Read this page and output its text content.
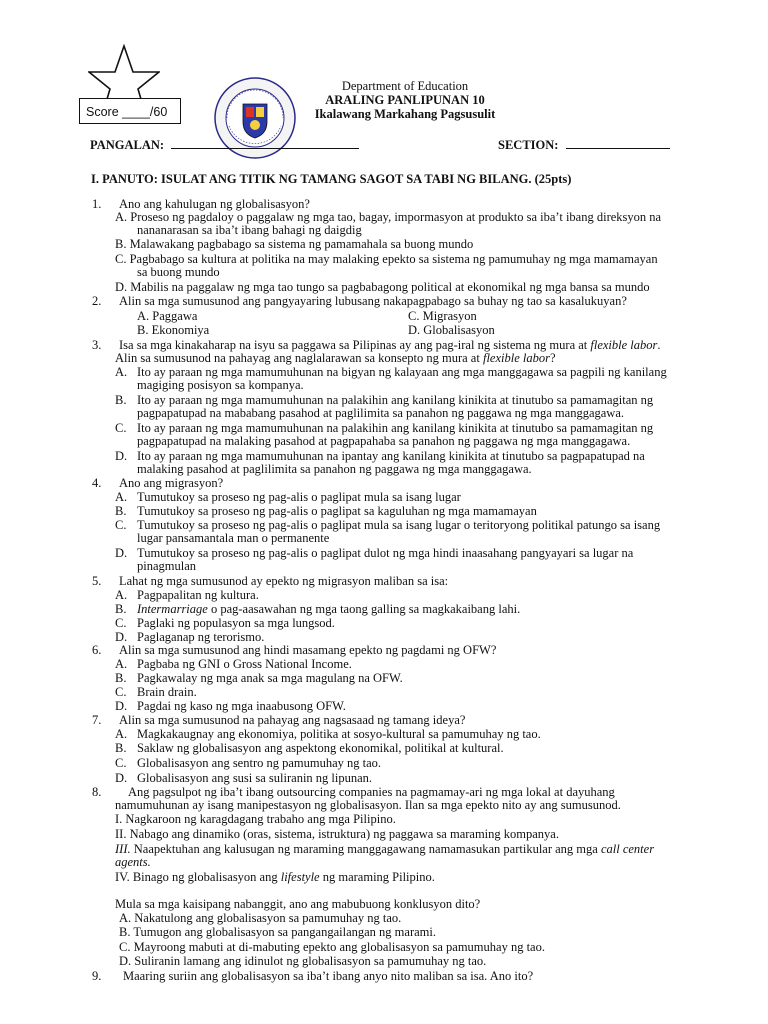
Score ____/60
Department of Education
ARALING PANLIPUNAN 10
Ikalawang Markahang Pagsusulit
PANGALAN:	SECTION:
I. PANUTO: ISULAT ANG TITIK NG TAMANG SAGOT SA TABI NG BILANG. (25pts)
1. Ano ang kahulugan ng globalisasyon?
A. Proseso ng pagdaloy o paggalaw ng mga tao, bagay, impormasyon at produkto sa iba’t ibang direksyon na
nananarasan sa iba’t ibang bahagi ng daigdig
B. Malawakang pagbabago sa sistema ng pamamahala sa buong mundo
C. Pagbabago sa kultura at politika na may malaking epekto sa sistema ng pamumuhay ng mga mamamayan
sa buong mundo
D. Mabilis na paggalaw ng mga tao tungo sa pagbabagong political at ekonomikal ng mga bansa sa mundo
2. Alin sa mga sumusunod ang pangyayaring lubusang nakapagpabago sa buhay ng tao sa kasalukuyan?
A. Paggawa	C. Migrasyon
B. Ekonomiya	D. Globalisasyon
3. Isa sa mga kinakaharap na isyu sa paggawa sa Pilipinas ay ang pag-iral ng sistema ng mura at flexible labor.
Alin sa sumusunod na pahayag ang naglalarawan sa konsepto ng mura at flexible labor?
A. Ito ay paraan ng mga mamumuhunan na bigyan ng kalayaan ang mga manggagawa sa pagpili ng kanilang
magiging posisyon sa kompanya.
B. Ito ay paraan ng mga mamumuhunan na palakihin ang kanilang kinikita at tinutubo sa pamamagitan ng
pagpapatupad na mababang pasahod at paglilimita sa panahon ng paggawa ng mga manggagawa.
C. Ito ay paraan ng mga mamumuhunan na palakihin ang kanilang kinikita at tinutubo sa pamamagitan ng
pagpapatupad na malaking pasahod at pagpapahaba sa panahon ng paggawa ng mga manggagawa.
D. Ito ay paraan ng mga mamumuhunan na ipantay ang kanilang kinikita at tinutubo sa pagpapatupad na
malaking pasahod at paglilimita sa panahon ng paggawa ng mga manggagawa.
4. Ano ang migrasyon?
A. Tumutukoy sa proseso ng pag-alis o paglipat mula sa isang lugar
B. Tumutukoy sa proseso ng pag-alis o paglipat sa kaguluhan ng mga mamamayan
C. Tumutukoy sa proseso ng pag-alis o paglipat mula sa isang lugar o teritoryong politikal patungo sa isang
lugar pansamantala man o permanente
D. Tumutukoy sa proseso ng pag-alis o paglipat dulot ng mga hindi inaasahang pangyayari sa lugar na
pinagmulan
5. Lahat ng mga sumusunod ay epekto ng migrasyon maliban sa isa:
A. Pagpapalitan ng kultura.
B. Intermarriage o pag-aasawahan ng mga taong galling sa magkakaibang lahi.
C. Paglaki ng populasyon sa mga lungsod.
D. Paglaganap ng terorismo.
6. Alin sa mga sumusunod ang hindi masamang epekto ng pagdami ng OFW?
A. Pagbaba ng GNI o Gross National Income.
B. Pagkawalay ng mga anak sa mga magulang na OFW.
C. Brain drain.
D. Pagdai ng kaso ng mga inaabusong OFW.
7. Alin sa mga sumusunod na pahayag ang nagsasaad ng tamang ideya?
A. Magkakaugnay ang ekonomiya, politika at sosyo-kultural sa pamumuhay ng tao.
B. Saklaw ng globalisasyon ang aspektong ekonomikal, politikal at kultural.
C. Globalisasyon ang sentro ng pamumuhay ng tao.
D. Globalisasyon ang susi sa suliranin ng lipunan.
8. Ang pagsulpot ng iba’t ibang outsourcing companies na pagmamay-ari ng mga lokal at dayuhang
namumuhunan ay isang manipestasyon ng globalisasyon. Ilan sa mga epekto nito ay ang sumusunod.
I. Nagkaroon ng karagdagang trabaho ang mga Pilipino.
II. Nabago ang dinamiko (oras, sistema, istruktura) ng paggawa sa maraming kompanya.
III. Naapektuhan ang kalusugan ng maraming manggagawang namamasukan partikular ang mga call center
agents.
IV. Binago ng globalisasyon ang lifestyle ng maraming Pilipino.
Mula sa mga kaisipang nabanggit, ano ang mabubuong konklusyon dito?
A. Nakatulong ang globalisasyon sa pamumuhay ng tao.
B. Tumugon ang globalisasyon sa pangangailangan ng marami.
C. Mayroong mabuti at di-mabuting epekto ang globalisasyon sa pamumuhay ng tao.
D. Suliranin lamang ang idinulot ng globalisasyon sa pamumuhay ng tao.
9. Maaring suriin ang globalisasyon sa iba’t ibang anyo nito maliban sa isa. Ano ito?
